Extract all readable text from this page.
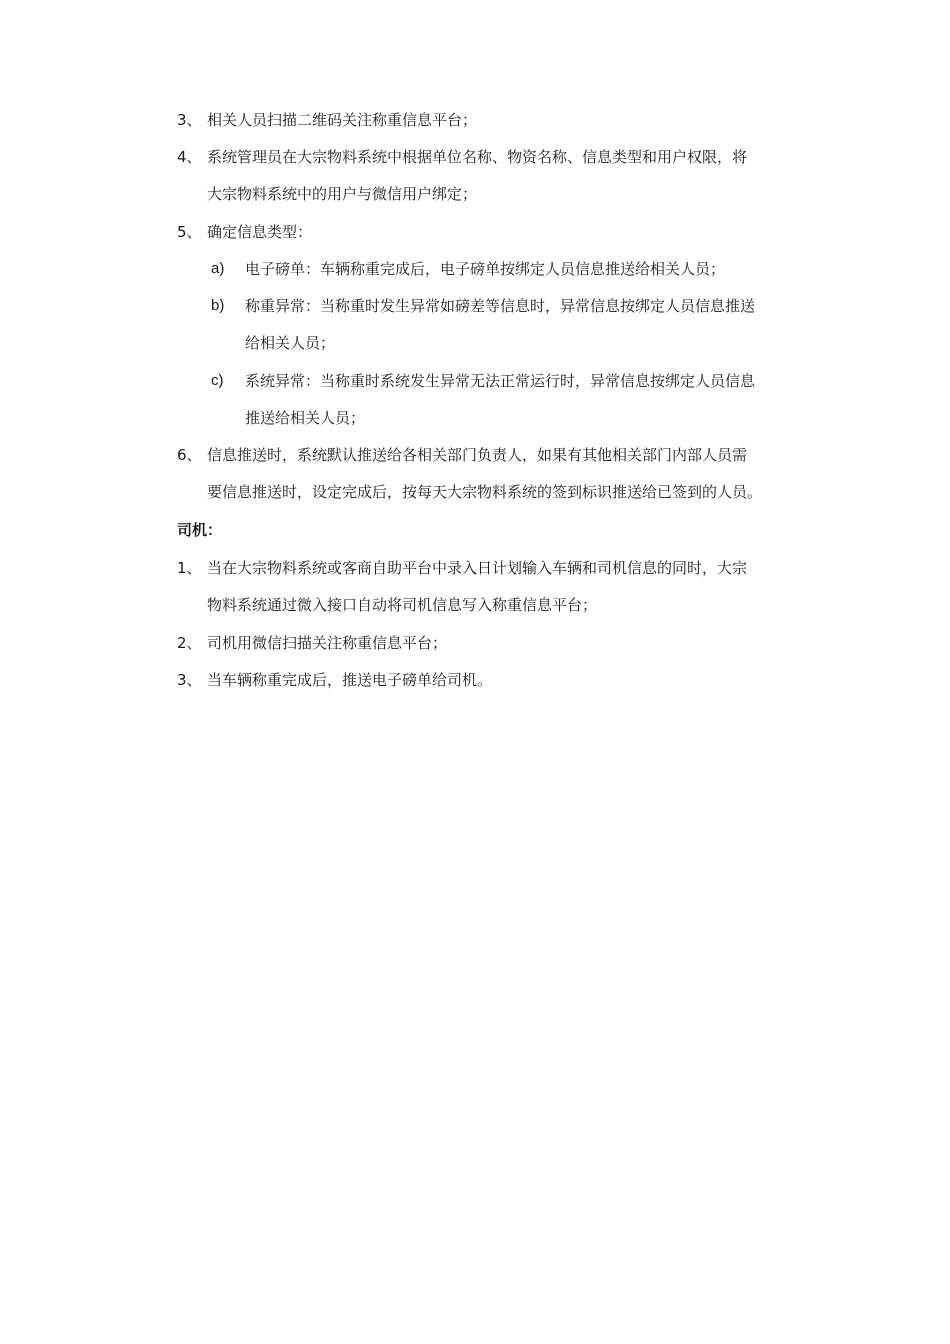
3、 相关人员扫描二维码关注称重信息平台；
4、 系统管理员在大宗物料系统中根据单位名称、物资名称、信息类型和用户权限，将
大宗物料系统中的用户与微信用户绑定；
5、 确定信息类型：
a) 电子磅单：车辆称重完成后，电子磅单按绑定人员信息推送给相关人员；
b) 称重异常：当称重时发生异常如磅差等信息时，异常信息按绑定人员信息推送
给相关人员；
c) 系统异常：当称重时系统发生异常无法正常运行时，异常信息按绑定人员信息
推送给相关人员；
6、 信息推送时，系统默认推送给各相关部门负责人，如果有其他相关部门内部人员需
要信息推送时，设定完成后，按每天大宗物料系统的签到标识推送给已签到的人员。
司机：
1、 当在大宗物料系统或客商自助平台中录入日计划输入车辆和司机信息的同时，大宗
物料系统通过微入接口自动将司机信息写入称重信息平台；
2、 司机用微信扫描关注称重信息平台；
3、 当车辆称重完成后，推送电子磅单给司机。
